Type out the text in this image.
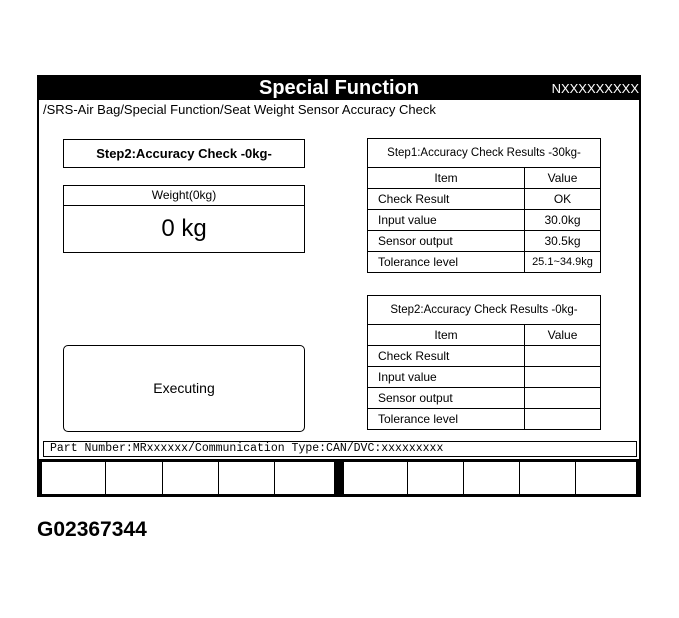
Special Function	NXXXXXXXXX
/SRS-Air Bag/Special Function/Seat Weight Sensor Accuracy Check
Step2:Accuracy Check -0kg-
Weight(0kg)
0 kg
Executing
Step1:Accuracy Check Results -30kg-	
Item	Value
Check Result	OK
Input value	30.0kg
Sensor output	30.5kg
Tolerance level	25.1~34.9kg
Step2:Accuracy Check Results -0kg-	
Item	Value
Check Result	
Input value	
Sensor output	
Tolerance level	
Part Number:MRxxxxxx/Communication Type:CAN/DVC:xxxxxxxxx
G02367344
